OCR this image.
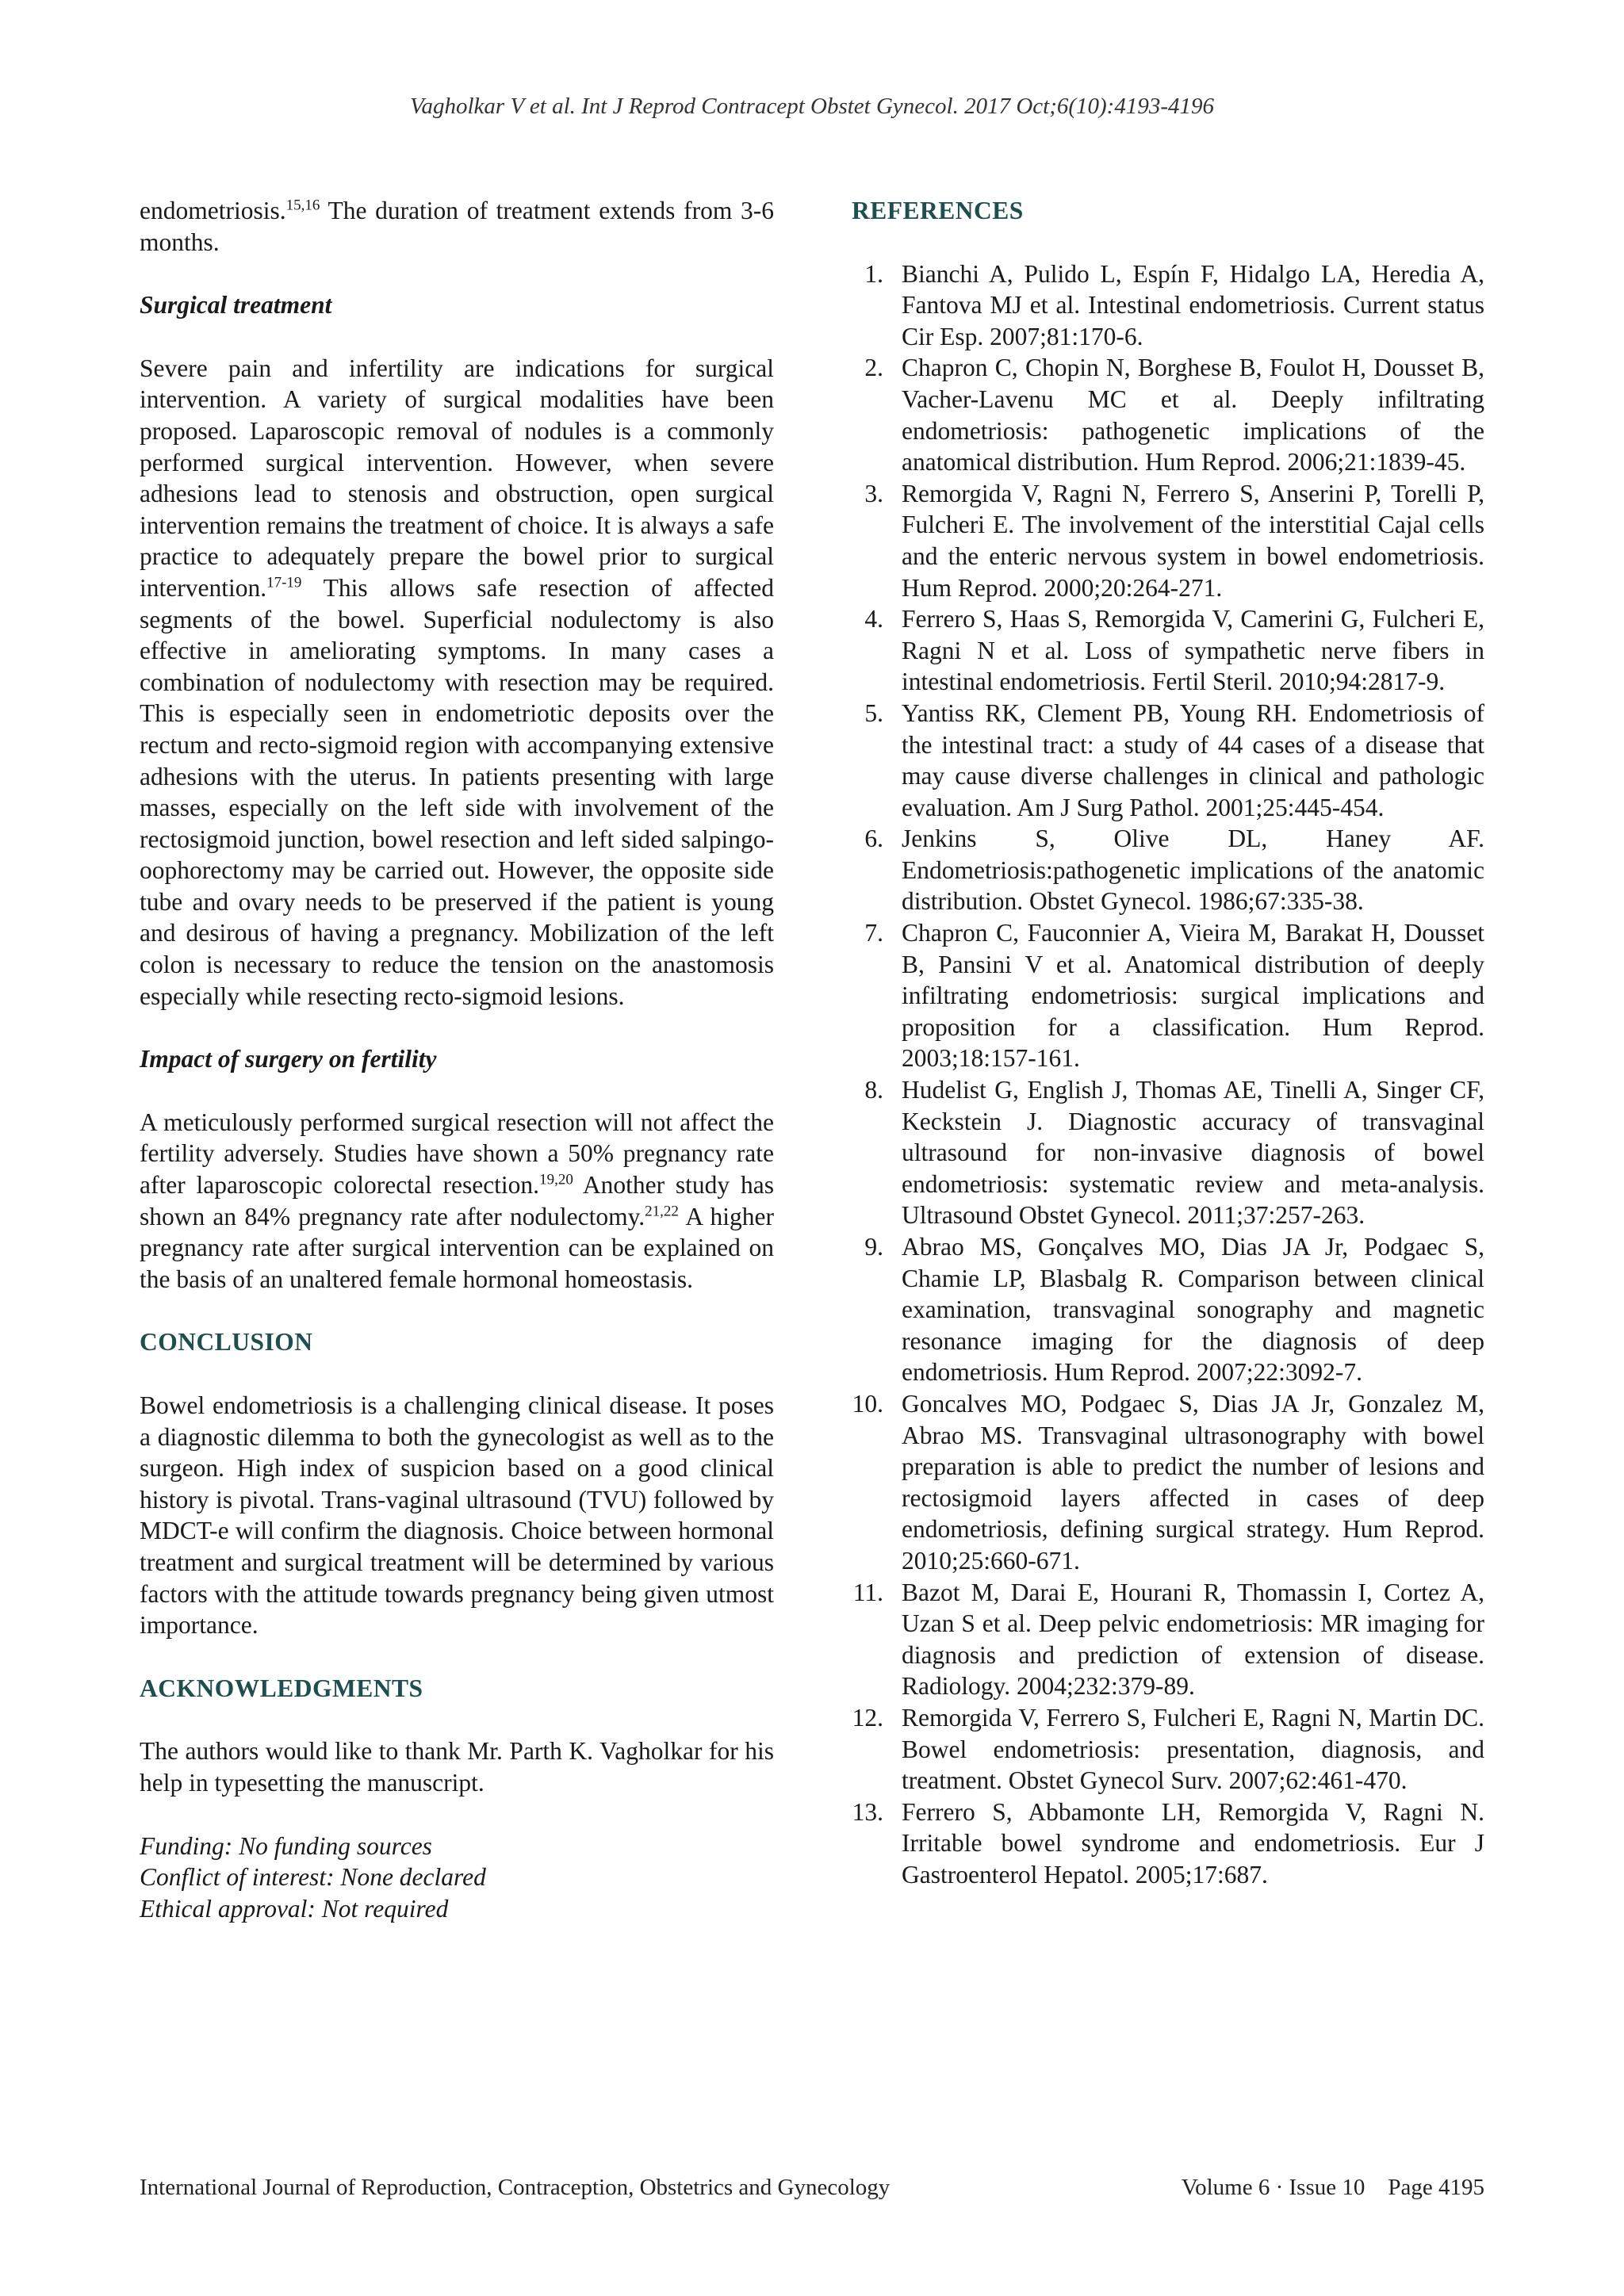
Vagholkar V et al. Int J Reprod Contracept Obstet Gynecol. 2017 Oct;6(10):4193-4196

endometriosis.$^{15,16}$ The duration of treatment extends from 3-6 months.

Surgical treatment

Severe pain and infertility are indications for surgical intervention. A variety of surgical modalities have been proposed. Laparoscopic removal of nodules is a commonly performed surgical intervention. However, when severe adhesions lead to stenosis and obstruction, open surgical intervention remains the treatment of choice. It is always a safe practice to adequately prepare the bowel prior to surgical intervention.$^{17-19}$ This allows safe resection of affected segments of the bowel. Superficial nodulectomy is also effective in ameliorating symptoms. In many cases a combination of nodulectomy with resection may be required. This is especially seen in endometriotic deposits over the rectum and recto-sigmoid region with accompanying extensive adhesions with the uterus. In patients presenting with large masses, especially on the left side with involvement of the rectosigmoid junction, bowel resection and left sided salpingo-oophorectomy may be carried out. However, the opposite side tube and ovary needs to be preserved if the patient is young and desirous of having a pregnancy. Mobilization of the left colon is necessary to reduce the tension on the anastomosis especially while resecting recto-sigmoid lesions.

Impact of surgery on fertility

A meticulously performed surgical resection will not affect the fertility adversely. Studies have shown a 50% pregnancy rate after laparoscopic colorectal resection.$^{19,20}$ Another study has shown an 84% pregnancy rate after nodulectomy.$^{21,22}$ A higher pregnancy rate after surgical intervention can be explained on the basis of an unaltered female hormonal homeostasis.

CONCLUSION

Bowel endometriosis is a challenging clinical disease. It poses a diagnostic dilemma to both the gynecologist as well as to the surgeon. High index of suspicion based on a good clinical history is pivotal. Trans-vaginal ultrasound (TVU) followed by MDCT-e will confirm the diagnosis. Choice between hormonal treatment and surgical treatment will be determined by various factors with the attitude towards pregnancy being given utmost importance.

ACKNOWLEDGMENTS

The authors would like to thank Mr. Parth K. Vagholkar for his help in typesetting the manuscript.

Funding: No funding sources
Conflict of interest: None declared
Ethical approval: Not required
REFERENCES
1. Bianchi A, Pulido L, Espín F, Hidalgo LA, Heredia A, Fantova MJ et al. Intestinal endometriosis. Current status Cir Esp. 2007;81:170-6.
2. Chapron C, Chopin N, Borghese B, Foulot H, Dousset B, Vacher-Lavenu MC et al. Deeply infiltrating endometriosis: pathogenetic implications of the anatomical distribution. Hum Reprod. 2006;21:1839-45.
3. Remorgida V, Ragni N, Ferrero S, Anserini P, Torelli P, Fulcheri E. The involvement of the interstitial Cajal cells and the enteric nervous system in bowel endometriosis. Hum Reprod. 2000;20:264-271.
4. Ferrero S, Haas S, Remorgida V, Camerini G, Fulcheri E, Ragni N et al. Loss of sympathetic nerve fibers in intestinal endometriosis. Fertil Steril. 2010;94:2817-9.
5. Yantiss RK, Clement PB, Young RH. Endometriosis of the intestinal tract: a study of 44 cases of a disease that may cause diverse challenges in clinical and pathologic evaluation. Am J Surg Pathol. 2001;25:445-454.
6. Jenkins S, Olive DL, Haney AF. Endometriosis:pathogenetic implications of the anatomic distribution. Obstet Gynecol. 1986;67:335-38.
7. Chapron C, Fauconnier A, Vieira M, Barakat H, Dousset B, Pansini V et al. Anatomical distribution of deeply infiltrating endometriosis: surgical implications and proposition for a classification. Hum Reprod. 2003;18:157-161.
8. Hudelist G, English J, Thomas AE, Tinelli A, Singer CF, Keckstein J. Diagnostic accuracy of transvaginal ultrasound for non-invasive diagnosis of bowel endometriosis: systematic review and meta-analysis. Ultrasound Obstet Gynecol. 2011;37:257-263.
9. Abrao MS, Gonçalves MO, Dias JA Jr, Podgaec S, Chamie LP, Blasbalg R. Comparison between clinical examination, transvaginal sonography and magnetic resonance imaging for the diagnosis of deep endometriosis. Hum Reprod. 2007;22:3092-7.
10. Goncalves MO, Podgaec S, Dias JA Jr, Gonzalez M, Abrao MS. Transvaginal ultrasonography with bowel preparation is able to predict the number of lesions and rectosigmoid layers affected in cases of deep endometriosis, defining surgical strategy. Hum Reprod. 2010;25:660-671.
11. Bazot M, Darai E, Hourani R, Thomassin I, Cortez A, Uzan S et al. Deep pelvic endometriosis: MR imaging for diagnosis and prediction of extension of disease. Radiology. 2004;232:379-89.
12. Remorgida V, Ferrero S, Fulcheri E, Ragni N, Martin DC. Bowel endometriosis: presentation, diagnosis, and treatment. Obstet Gynecol Surv. 2007;62:461-470.
13. Ferrero S, Abbamonte LH, Remorgida V, Ragni N. Irritable bowel syndrome and endometriosis. Eur J Gastroenterol Hepatol. 2005;17:687.
International Journal of Reproduction, Contraception, Obstetrics and Gynecology	Volume 6 · Issue 10    Page 4195
